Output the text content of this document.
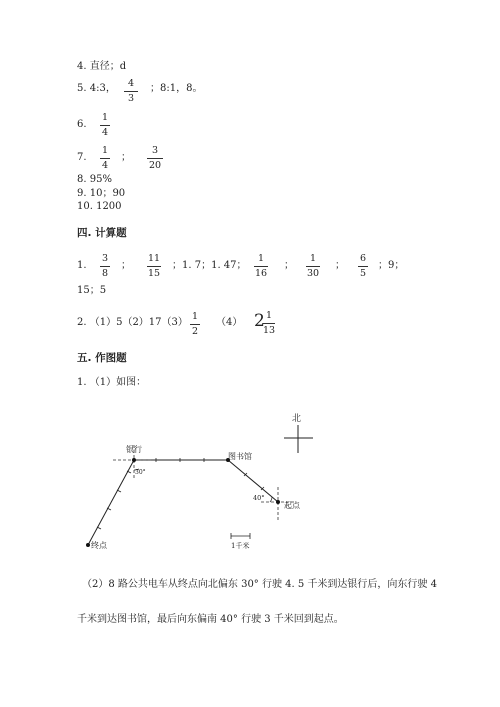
4. 直径；d
5. 4:3，	4
3
；8:1，8。
6.
1
4
7.
1
4
；
3
20
8. 95%
9. 10；90
10. 1200
四. 计算题
1.
3
8
；
11
15
；1. 7；1. 47；
1
16
；
1
30
；
6
5
；9；
15；5
2. （1）5（2）17（3）
1
2
（4） 2 1
13
五. 作图题
1. （1）如图：
北
银行
图书馆
起点
终点
40°
30°
1千米
（2）8 路公共电车从终点向北偏东 30° 行驶 4. 5 千米到达银行后，向东行驶 4
千米到达图书馆，最后向东偏南 40° 行驶 3 千米回到起点。
